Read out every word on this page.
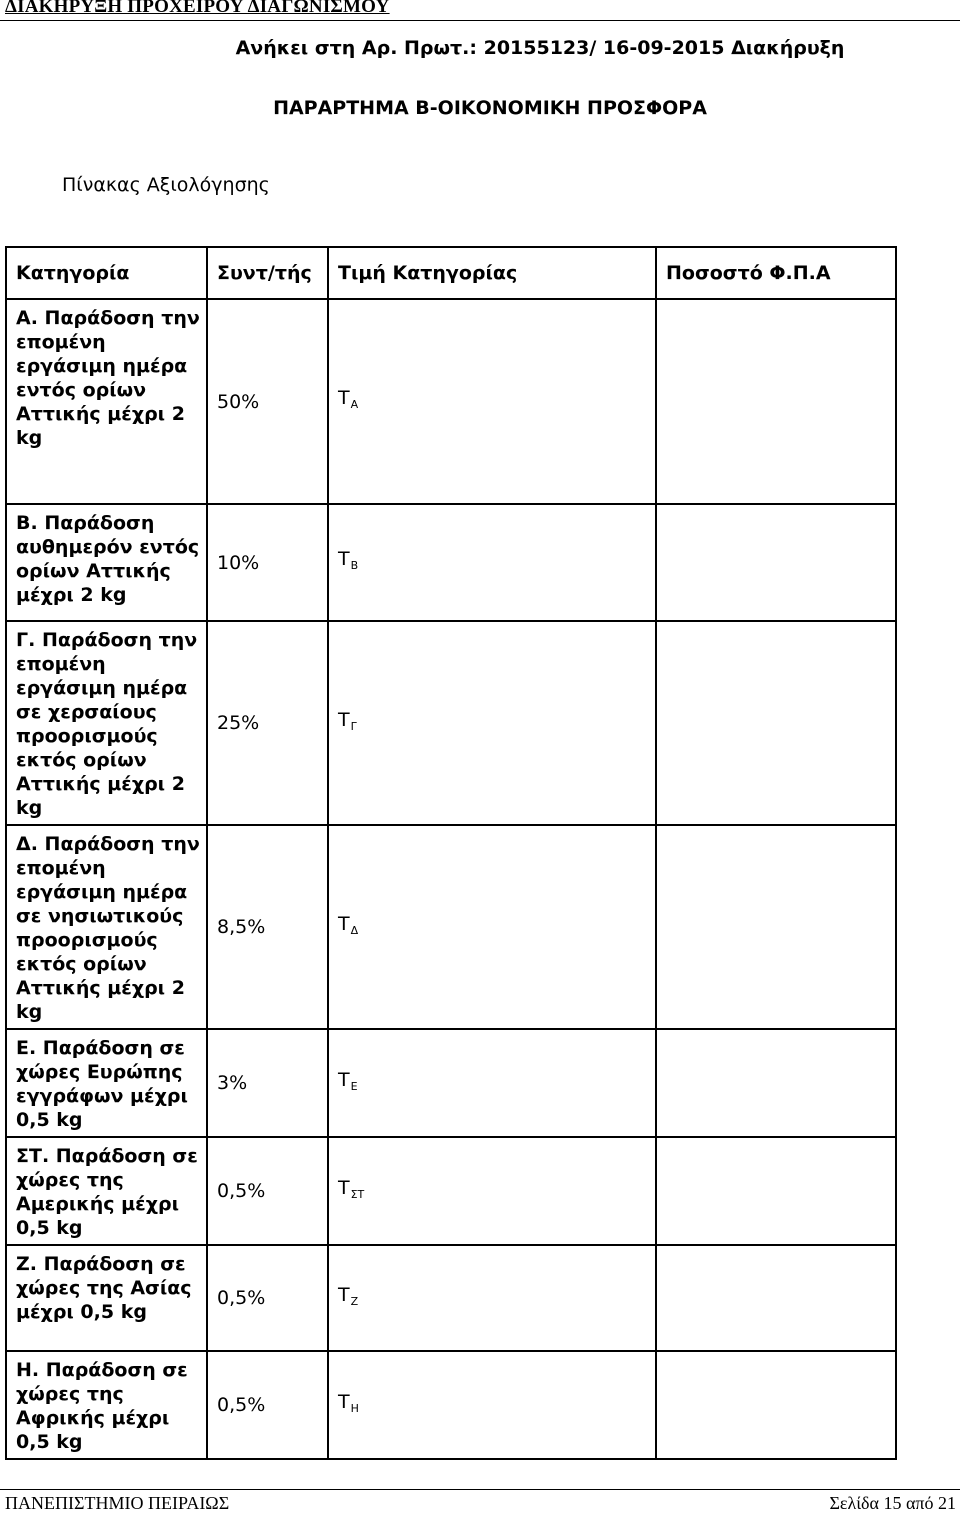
ΔΙΑΚΗΡΥΞΗ ΠΡΟΧΕΙΡΟΥ ΔΙΑΓΩΝΙΣΜΟΥ
Ανήκει στη Αρ. Πρωτ.: 20155123/ 16-09-2015 Διακήρυξη
ΠΑΡΑΡΤΗΜΑ Β-ΟΙΚΟΝΟΜΙΚΗ ΠΡΟΣΦΟΡΑ
Πίνακας Αξιολόγησης
Κατηγορία	Συντ/τής	Τιμή Κατηγορίας	Ποσοστό Φ.Π.Α
Α. Παράδοση την επομένη εργάσιμη ημέρα εντός ορίων Αττικής μέχρι 2 kg	50%	$T_A$	
Β. Παράδοση αυθημερόν εντός ορίων Αττικής μέχρι 2 kg	10%	$T_B$	
Γ. Παράδοση την επομένη εργάσιμη ημέρα σε χερσαίους προορισμούς εκτός ορίων Αττικής μέχρι 2 kg	25%	$T_\Gamma$	
Δ. Παράδοση την επομένη εργάσιμη ημέρα σε νησιωτικούς προορισμούς εκτός ορίων Αττικής μέχρι 2 kg	8,5%	$T_\Delta$	
Ε. Παράδοση σε χώρες Ευρώπης εγγράφων μέχρι 0,5 kg	3%	$T_E$	
ΣΤ. Παράδοση σε χώρες της Αμερικής μέχρι 0,5 kg	0,5%	$T_{\Sigma T}$	
Ζ. Παράδοση σε χώρες της Ασίας μέχρι 0,5 kg	0,5%	$T_Z$	
Η. Παράδοση σε χώρες της Αφρικής μέχρι 0,5 kg	0,5%	$T_H$	
ΠΑΝΕΠΙΣΤΗΜΙΟ ΠΕΙΡΑΙΩΣ	Σελίδα 15 από 21
